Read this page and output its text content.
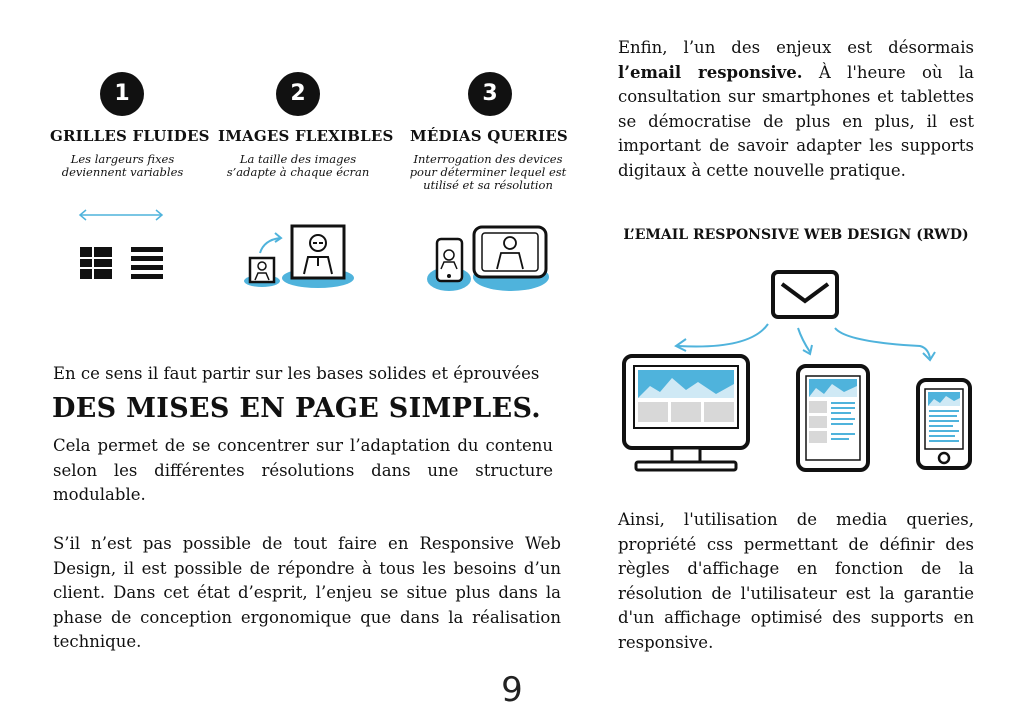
1	2	3
GRILLES FLUIDES IMAGES FLEXIBLES MÉDIAS QUERIES
Les largeurs fixes
deviennent variables
La taille des images
s’adapte à chaque écran
Interrogation des devices
pour déterminer lequel est
utilisé et sa résolution
Enfin, l’un des enjeux est désormais l’email responsive. À l'heure où la consultation sur smartphones et tablettes se démocratise de plus en plus, il est important de savoir adapter les supports digitaux à cette nouvelle pratique.
L’EMAIL RESPONSIVE WEB DESIGN (RWD)
En ce sens il faut partir sur les bases solides et éprouvées
DES MISES EN PAGE SIMPLES.
Cela permet de se concentrer sur l’adaptation du contenu selon les différentes résolutions dans une structure modulable.
S’il n’est pas possible de tout faire en Responsive Web Design, il est possible de répondre à tous les besoins d’un client. Dans cet état d’esprit, l’enjeu se situe plus dans la phase de conception ergonomique que dans la réalisation technique.
Ainsi, l'utilisation de media queries, propriété css permettant de définir des règles d'affichage en fonction de la résolution de l'utilisateur est la garantie d'un affichage optimisé des supports en responsive.
9
